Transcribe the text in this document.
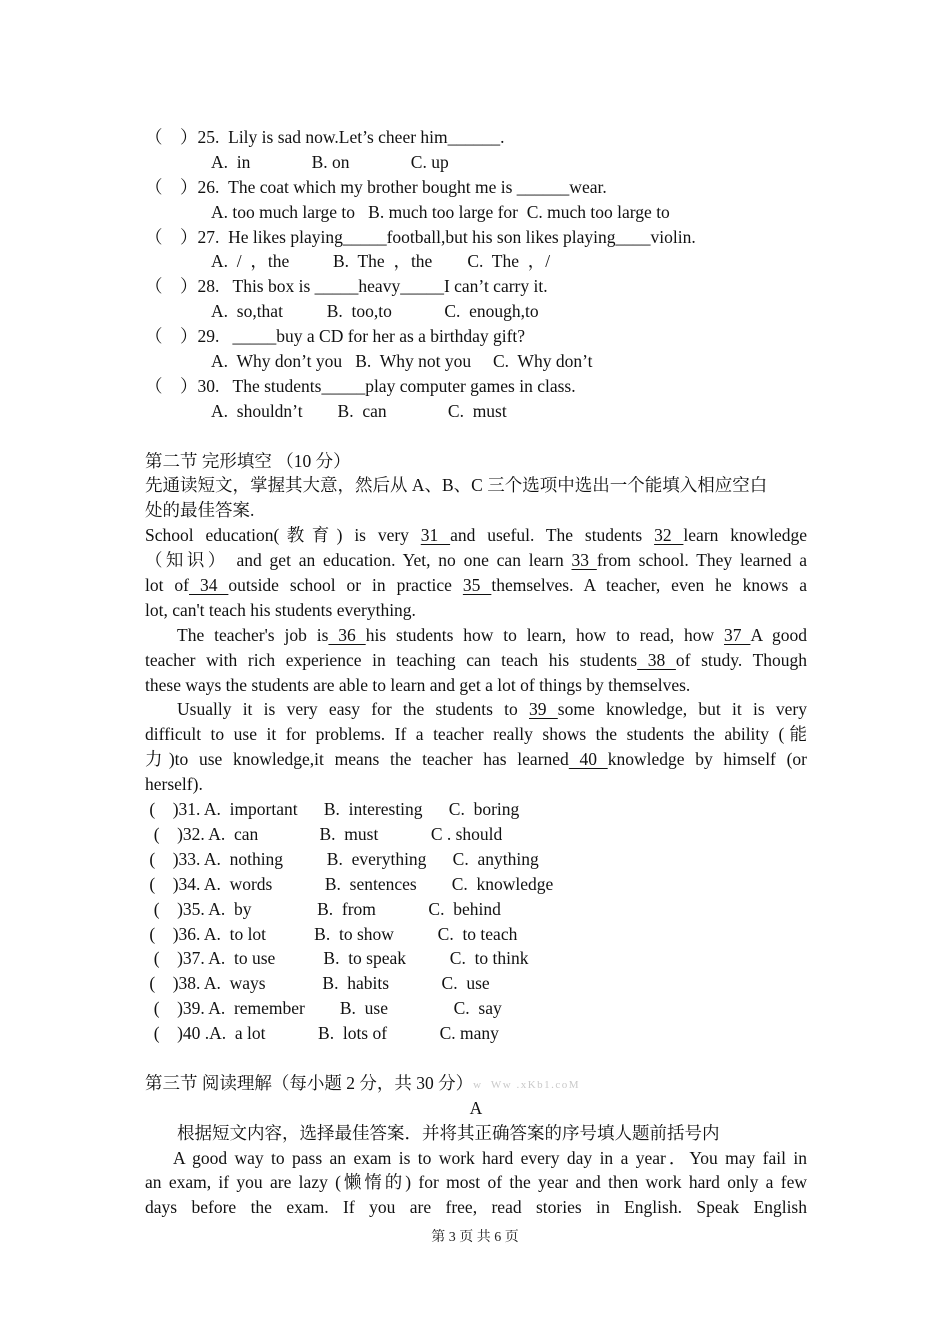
（    ）25.  Lily is sad now.Let’s cheer him______.
A.  in              B. on              C. up
（    ）26.  The coat which my brother bought me is ______wear.
A. too much large to   B. much too large for  C. much too large to
（    ）27.  He likes playing_____football,but his son likes playing____violin.
A.  /  ，the          B.  The  ，the        C.  The  ，/
（    ）28.   This box is _____heavy_____I can’t carry it.
A.  so,that          B.  too,to            C.  enough,to
（    ）29.   _____buy a CD for her as a birthday gift?
A.  Why don’t you   B.  Why not you     C.  Why don’t
（    ）30.   The students_____play computer games in class.
A.  shouldn’t        B.  can              C.  must
第二节 完形填空 （10 分）
先通读短文，掌握其大意，然后从 A、B、C 三个选项中选出一个能填入相应空白
处的最佳答案.
School education(教育) is very 31 and useful. The students 32 learn knowledge
（知识） and get an education. Yet, no one can learn 33 from school. They learned a
lot of 34 outside school or in practice 35 themselves. A teacher, even he knows a
lot, can't teach his students everything.
The teacher's job is 36 his students how to learn, how to read, how 37 A good
teacher with rich experience in teaching can teach his students 38 of study. Though
these ways the students are able to learn and get a lot of things by themselves.
Usually it is very easy for the students to 39 some knowledge, but it is very
difficult to use it for problems. If a teacher really shows the students the ability (能
力)to use knowledge,it means the teacher has learned 40 knowledge by himself (or
herself).
(    )31. A.  important      B.  interesting      C.  boring
(    )32. A.  can              B.  must            C . should
(    )33. A.  nothing          B.  everything      C.  anything
(    )34. A.  words            B.  sentences        C.  knowledge
(    )35. A.  by               B.  from            C.  behind
(    )36. A.  to lot           B.  to show          C.  to teach
(    )37. A.  to use           B.  to speak          C.  to think
(    )38. A.  ways             B.  habits            C.  use
(    )39. A.  remember        B.  use               C.  say
(    )40 .A.  a lot            B.  lots of            C. many
第三节 阅读理解（每小题 2 分，共 30 分）w  Ww .xKb1.coM
A
根据短文内容，选择最佳答案．并将其正确答案的序号填人题前括号内
A good way to pass an exam is to work hard every day in a year．You may fail in
an exam, if you are lazy (懒惰的) for most of the year and then work hard only a few
days before the exam. If you are free, read stories in English. Speak English
第 3 页 共 6 页
